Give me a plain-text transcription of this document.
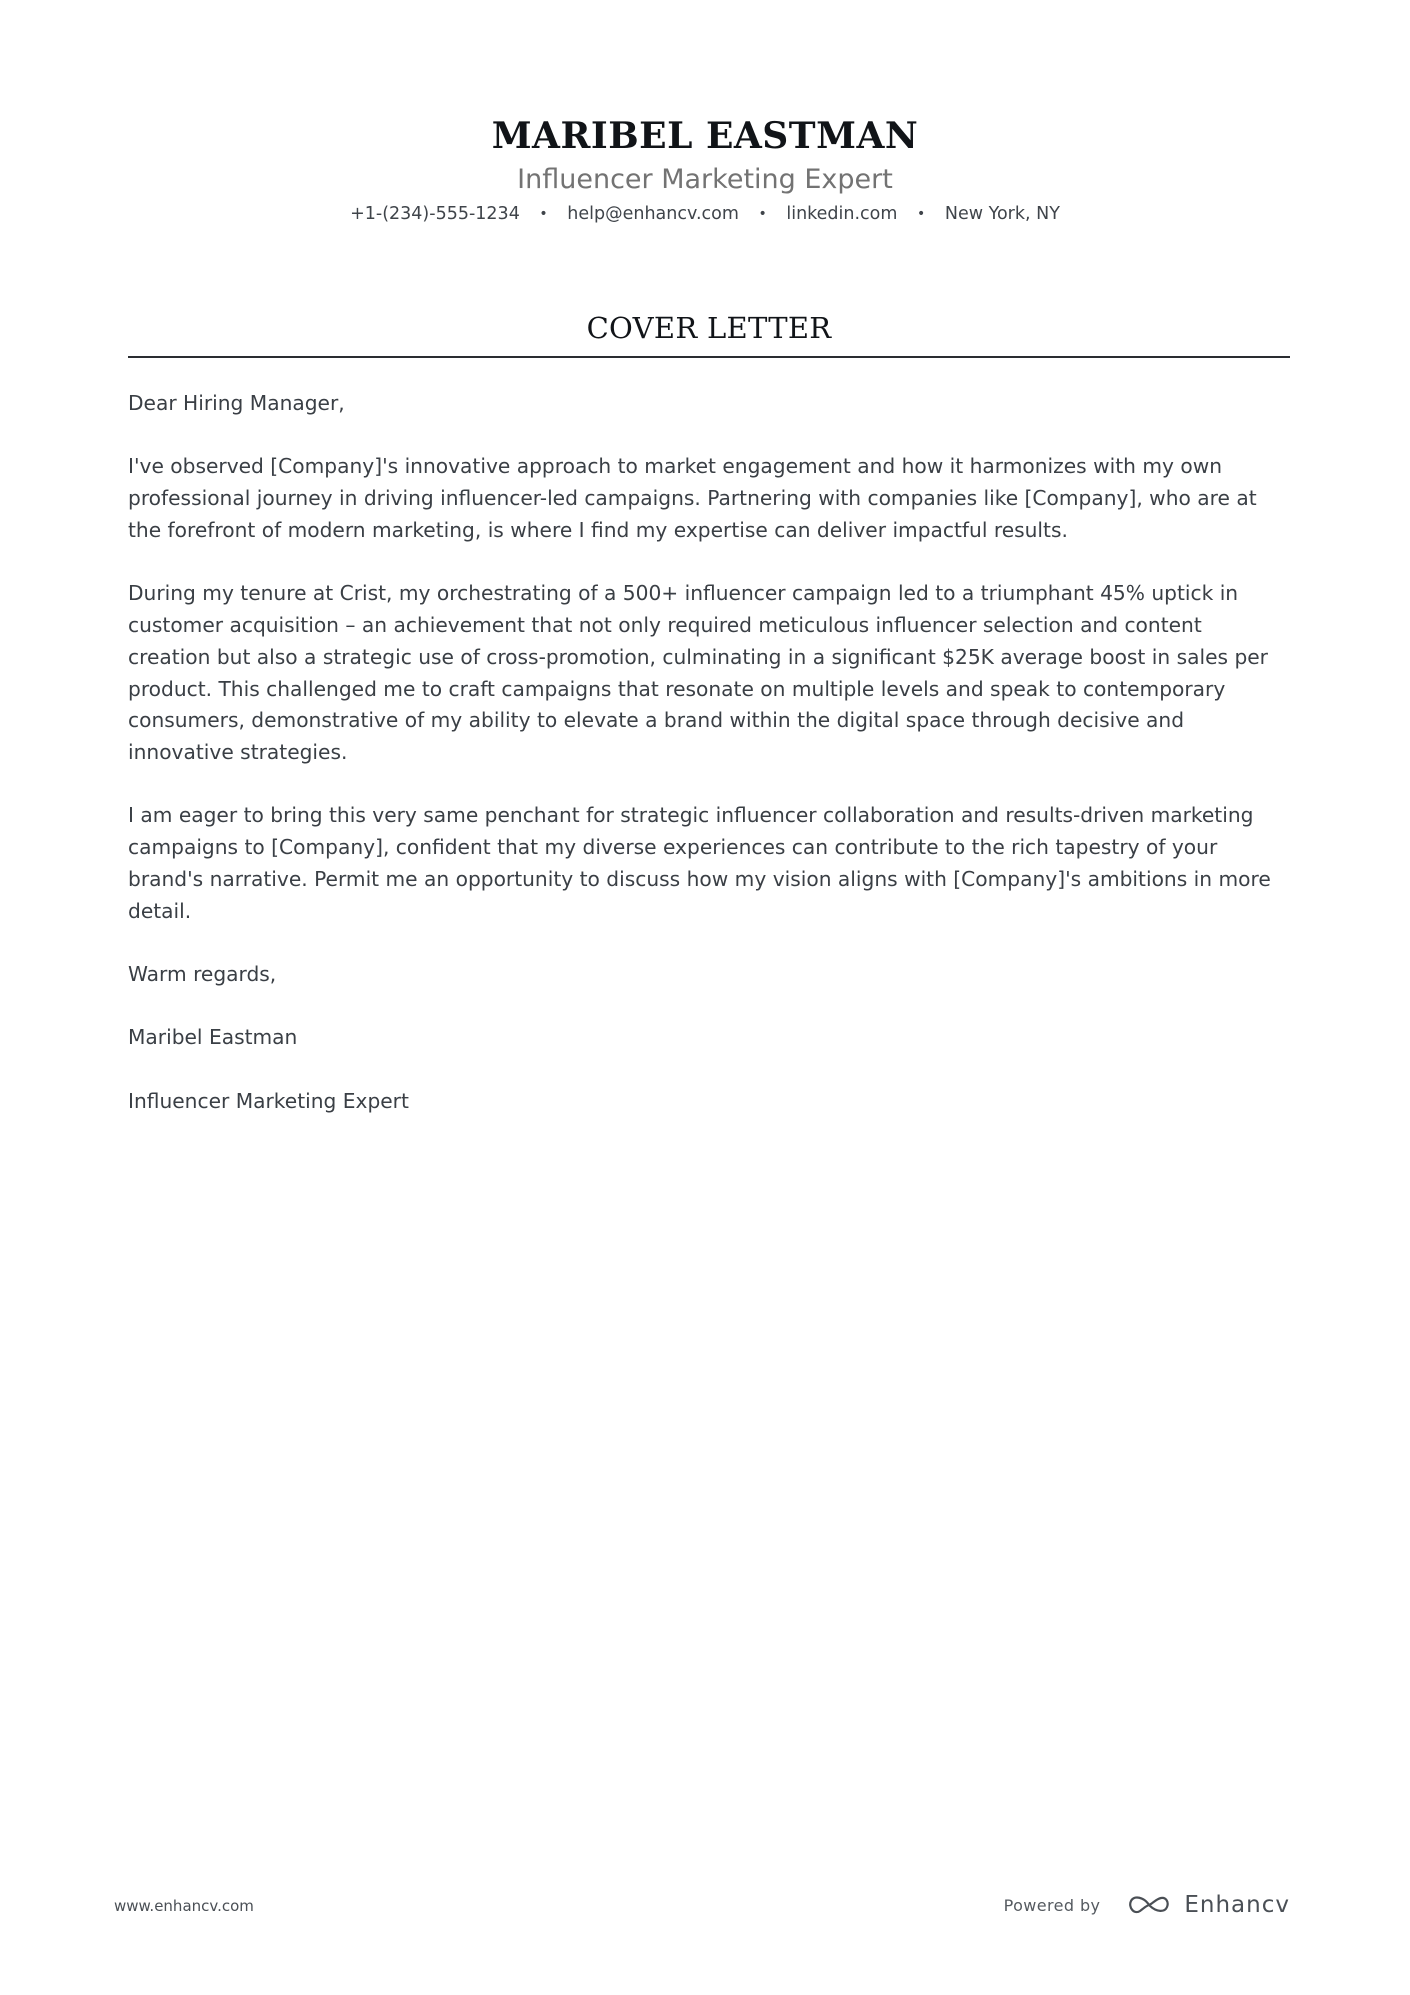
MARIBEL EASTMAN
Influencer Marketing Expert
+1-(234)-555-1234 • help@enhancv.com • linkedin.com • New York, NY
COVER LETTER

Dear Hiring Manager,

I've observed [Company]'s innovative approach to market engagement and how it harmonizes with my own professional journey in driving influencer-led campaigns. Partnering with companies like [Company], who are at the forefront of modern marketing, is where I find my expertise can deliver impactful results.

During my tenure at Crist, my orchestrating of a 500+ influencer campaign led to a triumphant 45% uptick in customer acquisition – an achievement that not only required meticulous influencer selection and content creation but also a strategic use of cross-promotion, culminating in a significant $25K average boost in sales per product. This challenged me to craft campaigns that resonate on multiple levels and speak to contemporary consumers, demonstrative of my ability to elevate a brand within the digital space through decisive and innovative strategies.

I am eager to bring this very same penchant for strategic influencer collaboration and results-driven marketing campaigns to [Company], confident that my diverse experiences can contribute to the rich tapestry of your brand's narrative. Permit me an opportunity to discuss how my vision aligns with [Company]'s ambitions in more detail.

Warm regards,

Maribel Eastman

Influencer Marketing Expert

www.enhancv.com	Powered by	Enhancv
